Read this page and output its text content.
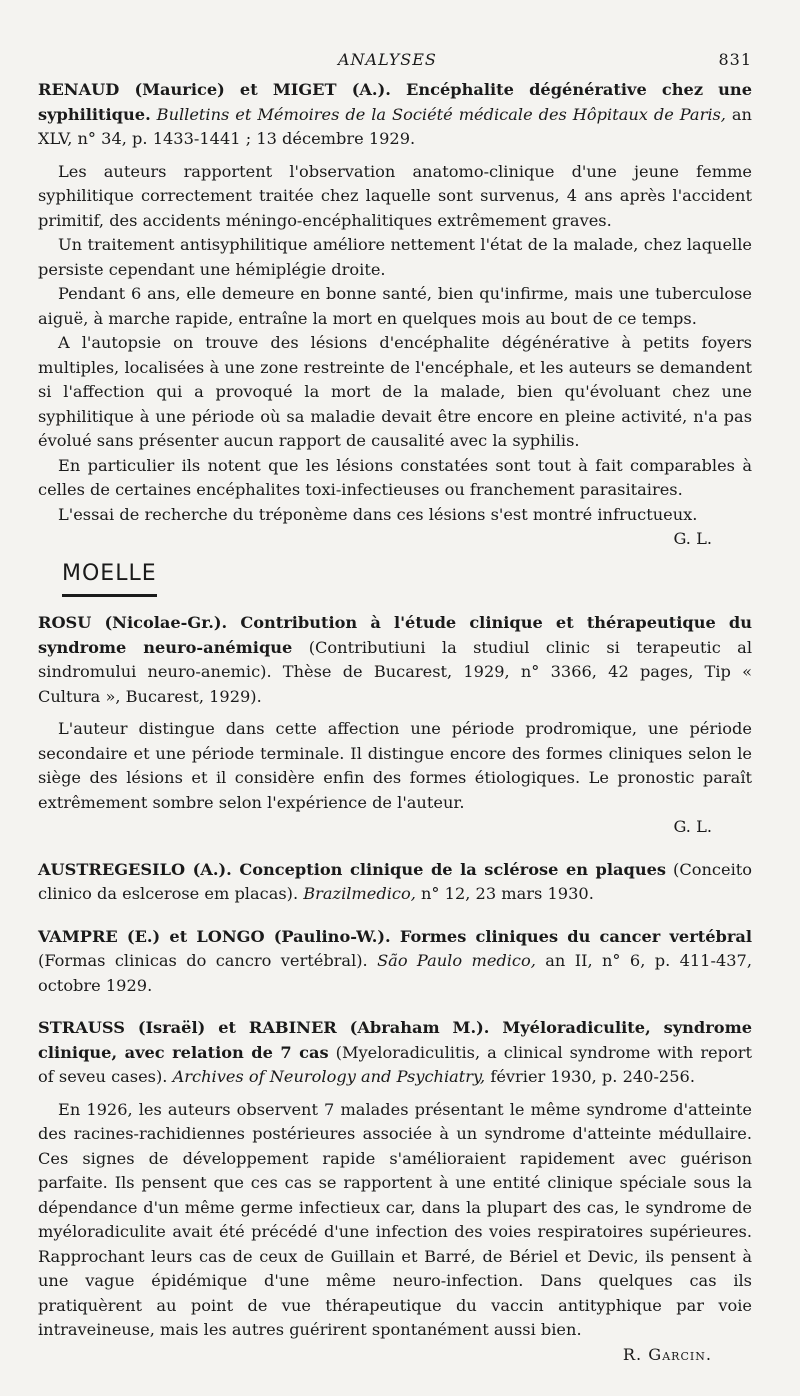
ANALYSES	831

RENAUD (Maurice) et MIGET (A.). Encéphalite dégénérative chez une syphilitique. Bulletins et Mémoires de la Société médicale des Hôpitaux de Paris, an XLV, n° 34, p. 1433-1441 ; 13 décembre 1929.

Les auteurs rapportent l'observation anatomo-clinique d'une jeune femme syphilitique correctement traitée chez laquelle sont survenus, 4 ans après l'accident primitif, des accidents méningo-encéphalitiques extrêmement graves.

Un traitement antisyphilitique améliore nettement l'état de la malade, chez laquelle persiste cependant une hémiplégie droite.

Pendant 6 ans, elle demeure en bonne santé, bien qu'infirme, mais une tuberculose aiguë, à marche rapide, entraîne la mort en quelques mois au bout de ce temps.

A l'autopsie on trouve des lésions d'encéphalite dégénérative à petits foyers multiples, localisées à une zone restreinte de l'encéphale, et les auteurs se demandent si l'affection qui a provoqué la mort de la malade, bien qu'évoluant chez une syphilitique à une période où sa maladie devait être encore en pleine activité, n'a pas évolué sans présenter aucun rapport de causalité avec la syphilis.

En particulier ils notent que les lésions constatées sont tout à fait comparables à celles de certaines encéphalites toxi-infectieuses ou franchement parasitaires.

L'essai de recherche du tréponème dans ces lésions s'est montré infructueux.

G. L.

MOELLE

ROSU (Nicolae-Gr.). Contribution à l'étude clinique et thérapeutique du syndrome neuro-anémique (Contributiuni la studiul clinic si terapeutic al sindromului neuro-anemic). Thèse de Bucarest, 1929, n° 3366, 42 pages, Tip « Cultura », Bucarest, 1929).

L'auteur distingue dans cette affection une période prodromique, une période secondaire et une période terminale. Il distingue encore des formes cliniques selon le siège des lésions et il considère enfin des formes étiologiques. Le pronostic paraît extrêmement sombre selon l'expérience de l'auteur.

G. L.

AUSTREGESILO (A.). Conception clinique de la sclérose en plaques (Conceito clinico da eslcerose em placas). Brazilmedico, n° 12, 23 mars 1930.

VAMPRE (E.) et LONGO (Paulino-W.). Formes cliniques du cancer vertébral (Formas clinicas do cancro vertébral). São Paulo medico, an II, n° 6, p. 411-437, octobre 1929.

STRAUSS (Israël) et RABINER (Abraham M.). Myéloradiculite, syndrome clinique, avec relation de 7 cas (Myeloradiculitis, a clinical syndrome with report of seveu cases). Archives of Neurology and Psychiatry, février 1930, p. 240-256.

En 1926, les auteurs observent 7 malades présentant le même syndrome d'atteinte des racines-rachidiennes postérieures associée à un syndrome d'atteinte médullaire. Ces signes de développement rapide s'amélioraient rapidement avec guérison parfaite. Ils pensent que ces cas se rapportent à une entité clinique spéciale sous la dépendance d'un même germe infectieux car, dans la plupart des cas, le syndrome de myéloradiculite avait été précédé d'une infection des voies respiratoires supérieures. Rapprochant leurs cas de ceux de Guillain et Barré, de Bériel et Devic, ils pensent à une vague épidémique d'une même neuro-infection. Dans quelques cas ils pratiquèrent au point de vue thérapeutique du vaccin antityphique par voie intraveineuse, mais les autres guérirent spontanément aussi bien.

R. Garcin.
